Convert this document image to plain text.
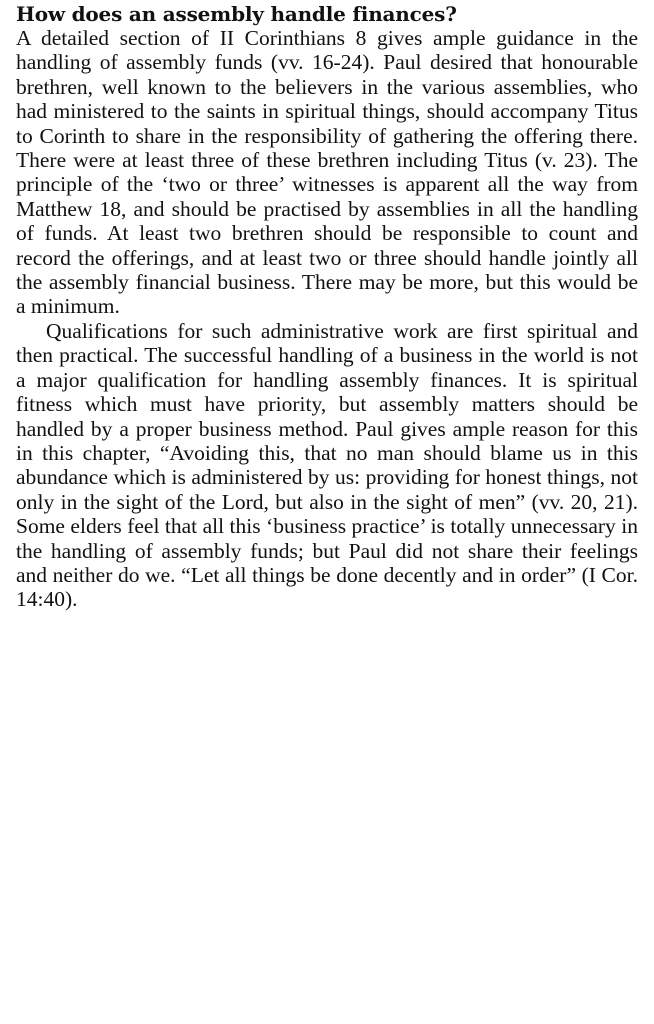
How does an assembly handle finances?

A detailed section of II Corinthians 8 gives ample guidance in the handling of assembly funds (vv. 16-24). Paul desired that honourable brethren, well known to the believers in the various assemblies, who had ministered to the saints in spiritual things, should accompany Titus to Corinth to share in the responsibility of gathering the offering there. There were at least three of these brethren including Titus (v. 23). The principle of the ‘two or three’ witnesses is apparent all the way from Matthew 18, and should be practised by assemblies in all the handling of funds. At least two brethren should be responsible to count and record the offerings, and at least two or three should handle jointly all the assembly financial business. There may be more, but this would be a minimum.

Qualifications for such administrative work are first spiritual and then practical. The successful handling of a business in the world is not a major qualification for handling assembly finances. It is spiritual fitness which must have priority, but assembly matters should be handled by a proper business method. Paul gives ample reason for this in this chapter, “Avoiding this, that no man should blame us in this abundance which is administered by us: providing for honest things, not only in the sight of the Lord, but also in the sight of men” (vv. 20, 21). Some elders feel that all this ‘business practice’ is totally unnecessary in the handling of assembly funds; but Paul did not share their feelings and neither do we. “Let all things be done decently and in order” (I Cor. 14:40).
